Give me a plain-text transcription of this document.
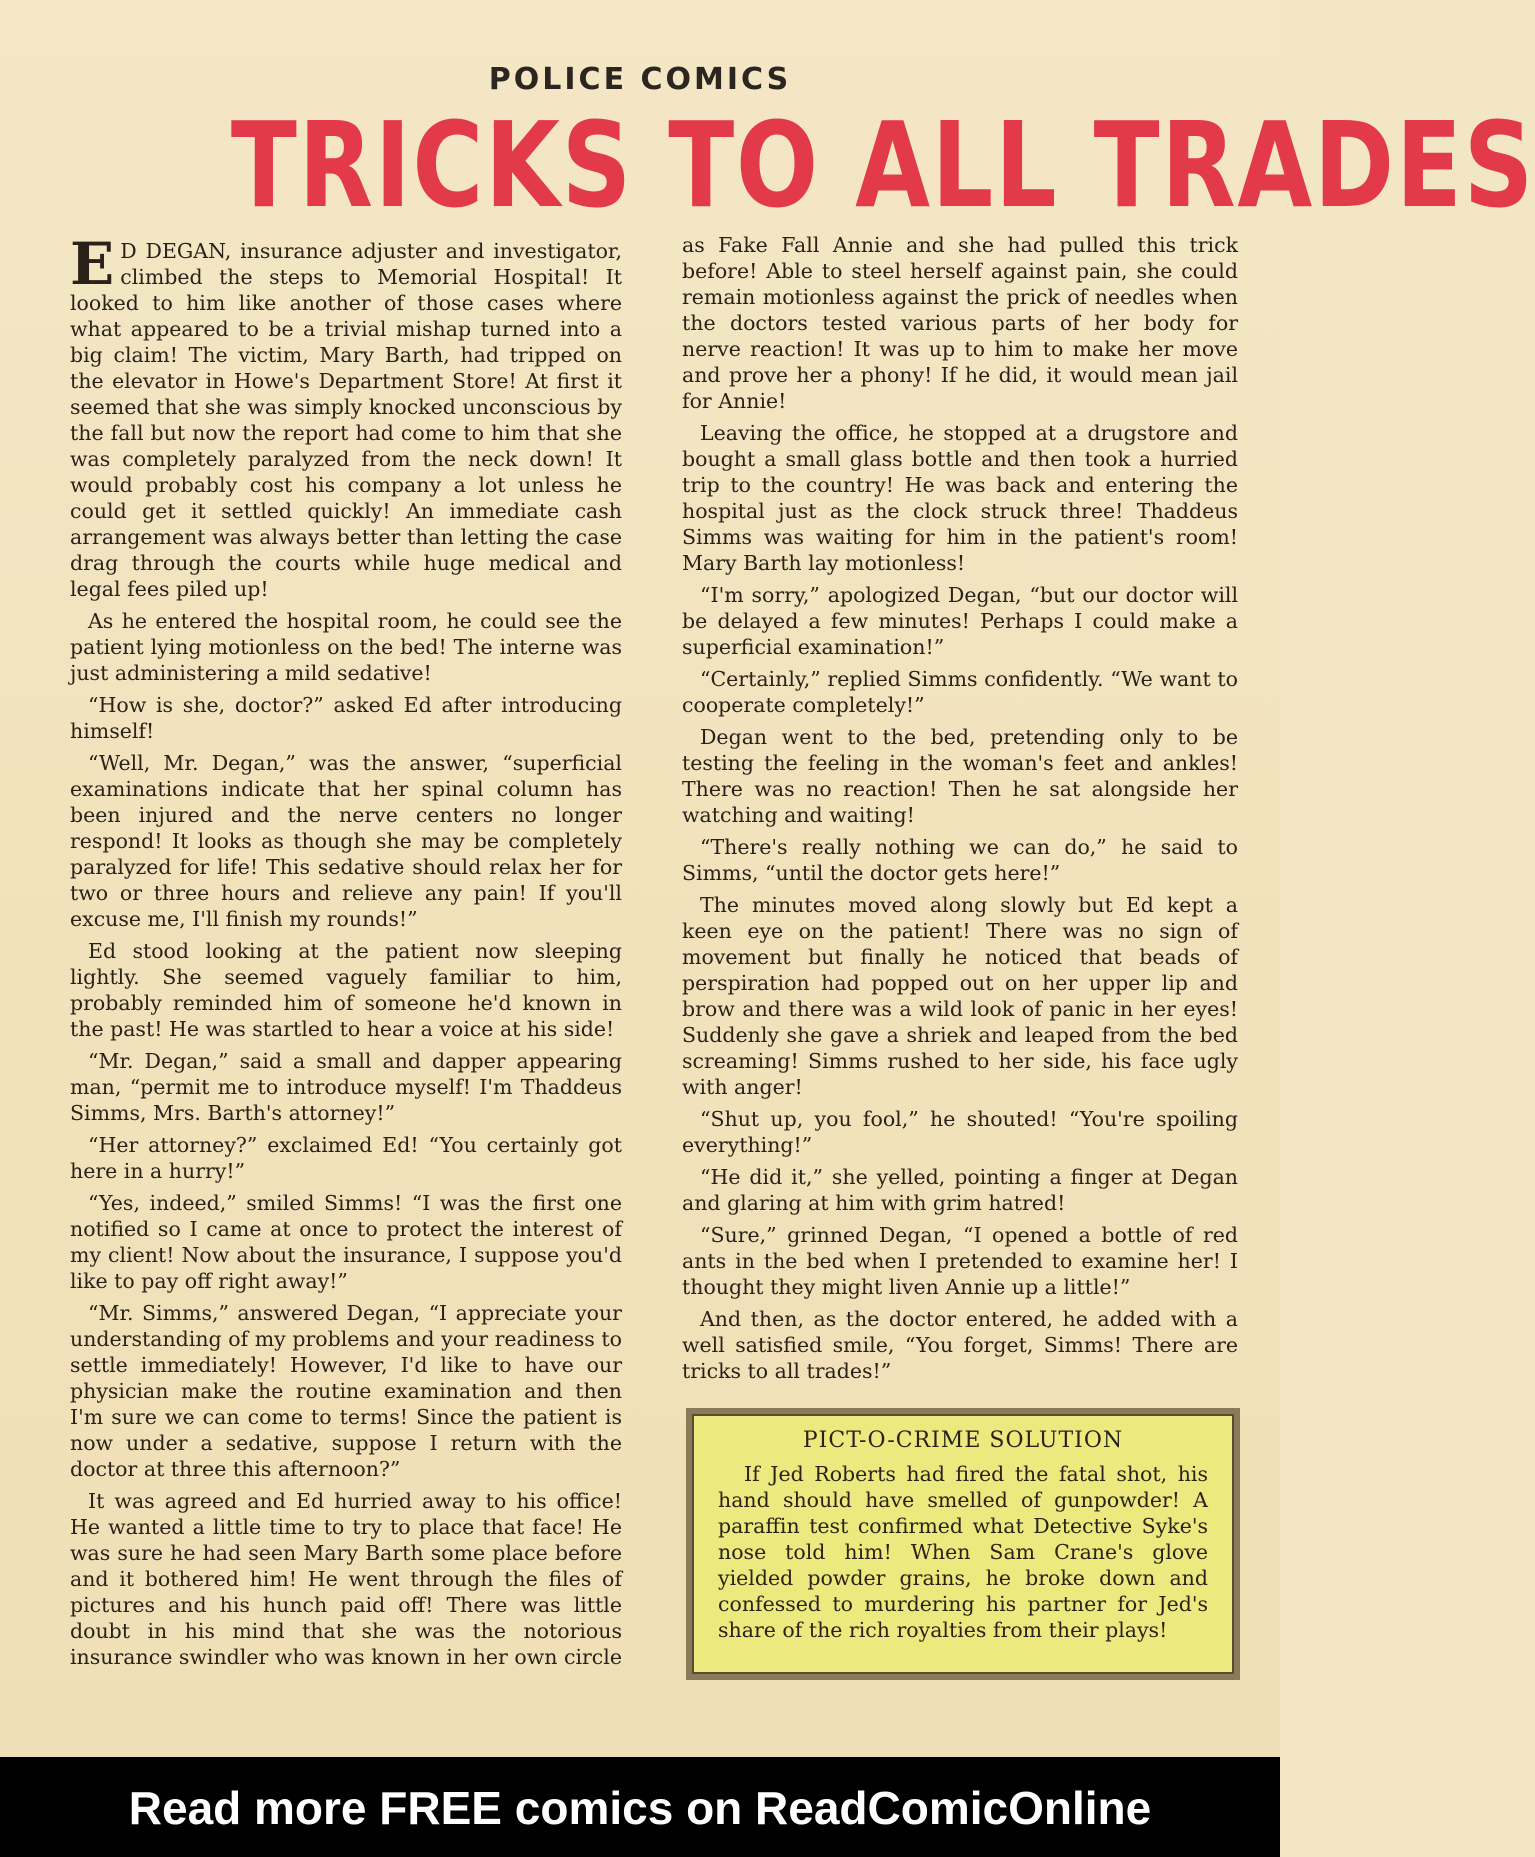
POLICE COMICS
TRICKS TO ALL TRADES

E D DEGAN, insurance adjuster and investigator, climbed the steps to Memorial Hospital! It looked to him like another of those cases where what appeared to be a trivial mishap turned into a big claim! The victim, Mary Barth, had tripped on the elevator in Howe's Department Store! At first it seemed that she was simply knocked unconscious by the fall but now the report had come to him that she was completely paralyzed from the neck down! It would probably cost his company a lot unless he could get it settled quickly! An immediate cash arrangement was always better than letting the case drag through the courts while huge medical and legal fees piled up!

As he entered the hospital room, he could see the patient lying motionless on the bed! The interne was just administering a mild sedative!

“How is she, doctor?” asked Ed after introducing himself!

“Well, Mr. Degan,” was the answer, “superficial examinations indicate that her spinal column has been injured and the nerve centers no longer respond! It looks as though she may be completely paralyzed for life! This sedative should relax her for two or three hours and relieve any pain! If you'll excuse me, I'll finish my rounds!”

Ed stood looking at the patient now sleeping lightly. She seemed vaguely familiar to him, probably reminded him of someone he'd known in the past! He was startled to hear a voice at his side!

“Mr. Degan,” said a small and dapper appearing man, “permit me to introduce myself! I'm Thaddeus Simms, Mrs. Barth's attorney!”

“Her attorney?” exclaimed Ed! “You certainly got here in a hurry!”

“Yes, indeed,” smiled Simms! “I was the first one notified so I came at once to protect the interest of my client! Now about the insurance, I suppose you'd like to pay off right away!”

“Mr. Simms,” answered Degan, “I appreciate your understanding of my problems and your readiness to settle immediately! However, I'd like to have our physician make the routine examination and then I'm sure we can come to terms! Since the patient is now under a sedative, suppose I return with the doctor at three this afternoon?”

It was agreed and Ed hurried away to his office! He wanted a little time to try to place that face! He was sure he had seen Mary Barth some place before and it bothered him! He went through the files of pictures and his hunch paid off! There was little doubt in his mind that she was the notorious insurance swindler who was known in her own circle

as Fake Fall Annie and she had pulled this trick before! Able to steel herself against pain, she could remain motionless against the prick of needles when the doctors tested various parts of her body for nerve reaction! It was up to him to make her move and prove her a phony! If he did, it would mean jail for Annie!

Leaving the office, he stopped at a drugstore and bought a small glass bottle and then took a hurried trip to the country! He was back and entering the hospital just as the clock struck three! Thaddeus Simms was waiting for him in the patient's room! Mary Barth lay motionless!

“I'm sorry,” apologized Degan, “but our doctor will be delayed a few minutes! Perhaps I could make a superficial examination!”

“Certainly,” replied Simms confidently. “We want to cooperate completely!”

Degan went to the bed, pretending only to be testing the feeling in the woman's feet and ankles! There was no reaction! Then he sat alongside her watching and waiting!

“There's really nothing we can do,” he said to Simms, “until the doctor gets here!”

The minutes moved along slowly but Ed kept a keen eye on the patient! There was no sign of movement but finally he noticed that beads of perspiration had popped out on her upper lip and brow and there was a wild look of panic in her eyes! Suddenly she gave a shriek and leaped from the bed screaming! Simms rushed to her side, his face ugly with anger!

“Shut up, you fool,” he shouted! “You're spoiling everything!”

“He did it,” she yelled, pointing a finger at Degan and glaring at him with grim hatred!

“Sure,” grinned Degan, “I opened a bottle of red ants in the bed when I pretended to examine her! I thought they might liven Annie up a little!”

And then, as the doctor entered, he added with a well satisfied smile, “You forget, Simms! There are tricks to all trades!”

PICT-O-CRIME SOLUTION

If Jed Roberts had fired the fatal shot, his hand should have smelled of gunpowder! A paraffin test confirmed what Detective Syke's nose told him! When Sam Crane's glove yielded powder grains, he broke down and confessed to murdering his partner for Jed's share of the rich royalties from their plays!

Read more FREE comics on ReadComicOnline
